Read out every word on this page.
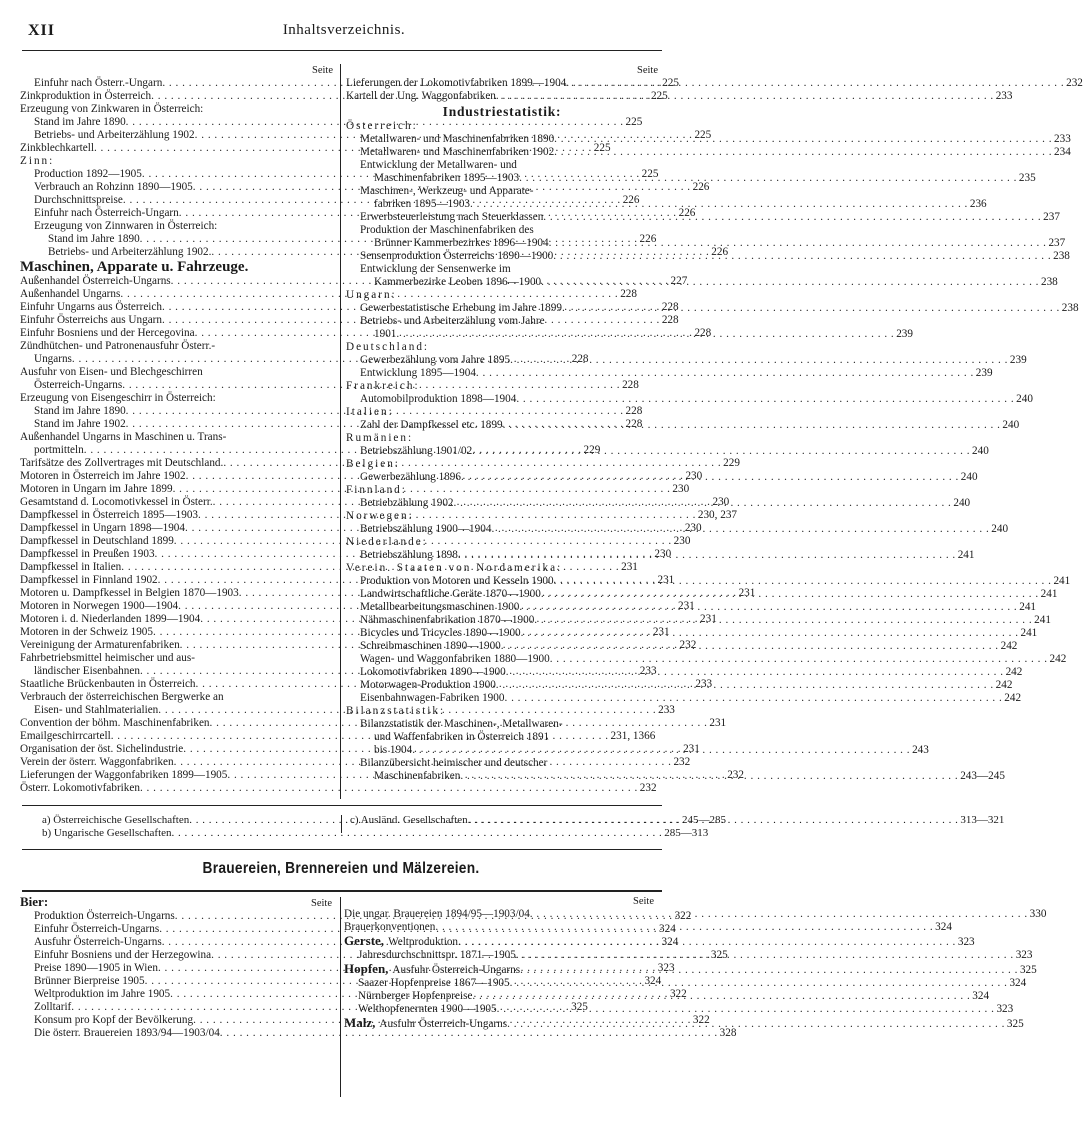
XII	Inhaltsverzeichnis.
Seite
Einfuhr nach Österr.-Ungarn . . .	225
Zinkproduktion in Österreich . . .	225
Erzeugung von Zinkwaren in Österreich:
Stand im Jahre 1890 . . .	225
Betriebs- und Arbeiterzählung 1902 . . .	225
Zinkblechkartell . . .	225
Zinn:
Production 1892—1905 . . .	225
Verbrauch an Rohzinn 1890—1905 . . .	226
Durchschnittspreise . . .	226
Einfuhr nach Österreich-Ungarn . . .	226
Erzeugung von Zinnwaren in Österreich:
Stand im Jahre 1890 . . .	226
Betriebs- und Arbeiterzählung 1902. . . .	226
Maschinen, Apparate u. Fahrzeuge.
Außenhandel Österreich-Ungarns . . .	227
Außenhandel Ungarns . . .	228
Einfuhr Ungarns aus Österreich . . .	228
Einfuhr Österreichs aus Ungarn . . .	228
Einfuhr Bosniens und der Hercegovina . . .	228
Zündhütchen- und Patronenausfuhr Österr.-
Ungarns . . .	228
Ausfuhr von Eisen- und Blechgeschirren
Österreich-Ungarns . . .	228
Erzeugung von Eisengeschirr in Österreich:
Stand im Jahre 1890 . . .	228
Stand im Jahre 1902 . . .	228
Außenhandel Ungarns in Maschinen u. Trans-
portmitteln . . .	229
Tarifsätze des Zollvertrages mit Deutschland. . . .	229
Motoren in Österreich im Jahre 1902 . . .	230
Motoren in Ungarn im Jahre 1899 . . .	230
Gesamtstand d. Locomotivkessel in Österr. . . .	230
Dampfkessel in Österreich 1895—1903 . . .	230, 237
Dampfkessel in Ungarn 1898—1904 . . .	230
Dampfkessel in Deutschland 1899 . . .	230
Dampfkessel in Preußen 1903 . . .	230
Dampfkessel in Italien . . .	231
Dampfkessel in Finnland 1902 . . .	231
Motoren u. Dampfkessel in Belgien 1870—1903 . . .	231
Motoren in Norwegen 1900—1904 . . .	231
Motoren i. d. Niederlanden 1899—1904 . . .	231
Motoren in der Schweiz 1905 . . .	231
Vereinigung der Armaturenfabriken . . .	232
Fahrbetriebsmittel heimischer und aus-
ländischer Eisenbahnen . . .	233
Staatliche Brückenbauten in Österreich . . .	233
Verbrauch der österreichischen Bergwerke an
Eisen- und Stahlmaterialien . . .	233
Convention der böhm. Maschinenfabriken . . .	231
Emailgeschirrcartell . . .	231, 1366
Organisation der öst. Sichelindustrie . . .	231
Verein der österr. Waggonfabriken . . .	232
Lieferungen der Waggonfabriken 1899—1905 . . .	232
Österr. Lokomotivfabriken . . .	232
Seite
Lieferungen der Lokomotivfabriken 1899—1904 . . .	232
Kartell der Ung. Waggonfabriken . . .	233
Industriestatistik:
Österreich:
Metallwaren- und Maschinenfabriken 1890 . . .	233
Metallwaren- und Maschinenfabriken 1902 . . .	234
Entwicklung der Metallwaren- und
Maschinenfabriken 1895—1903 . . .	235
Maschinen-, Werkzeug- und Apparate-
fabriken 1895—1903 . . .	236
Erwerbsteuerleistung nach Steuerklassen . . .	237
Produktion der Maschinenfabriken des
Brünner Kammerbezirkes 1896—1904 . . .	237
Sensenproduktion Österreichs 1890—1900 . . .	238
Entwicklung der Sensenwerke im
Kammerbezirke Leoben 1896—1900 . . .	238
Ungarn:
Gewerbestatistische Erhebung im Jahre 1899 . . .	238
Betriebs- und Arbeiterzählung vom Jahre
1901 . . .	239
Deutschland:
Gewerbezählung vom Jahre 1895 . . .	239
Entwicklung 1895—1904 . . .	239
Frankreich:
Automobilproduktion 1898—1904 . . .	240
Italien:
Zahl der Dampfkessel etc. 1899 . . .	240
Rumänien:
Betriebszählung 1901/02 . . .	240
Belgien:
Gewerbezählung 1896 . . .	240
Finnland:
Betriebzählung 1902 . . .	240
Norwegen:
Betriebszählung 1900—1904 . . .	240
Niederlande:
Betriebszählung 1898 . . .	241
Verein. Staaten von Nordamerika:
Produktion von Motoren und Kesseln 1900 . . .	241
Landwirtschaftliche Geräte 1870—1900 . . .	241
Metallbearbeitungsmaschinen 1900 . . .	241
Nähmaschinenfabrikation 1870—1900 . . .	241
Bicycles und Tricycles 1890—1900 . . .	241
Schreibmaschinen 1890—1900 . . .	242
Wagen- und Waggonfabriken 1880—1900 . . .	242
Lokomotivfabriken 1890—1900 . . .	242
Motorwagen-Produktion 1900 . . .	242
Eisenbahnwagen-Fabriken 1900 . . .	242
Bilanzstatistik:
Bilanzstatistik der Maschinen-, Metallwaren-
und Waffenfabriken in Österreich 1891
bis 1904 . . .	243
Bilanzübersicht heimischer und deutscher
Maschinenfabriken . . .	243—245
a) Österreichische Gesellschaften . . .	245—285
b) Ungarische Gesellschaften . . .	285—313
c) Ausländ. Gesellschaften . . .	313—321
Brauereien, Brennereien und Mälzereien.
Bier:	Seite
Produktion Österreich-Ungarns . . .	322
Einfuhr Österreich-Ungarns . . .	324
Ausfuhr Österreich-Ungarns . . .	324
Einfuhr Bosniens und der Herzegowina . . .	325
Preise 1890—1905 in Wien . . .	323
Brünner Bierpreise 1905 . . .	324
Weltproduktion im Jahre 1905 . . .	322
Zolltarif . . .	325
Konsum pro Kopf der Bevölkerung . . .	322
Die österr. Brauereien 1893/94—1903/04 . . .	328
Seite
Die ungar. Brauereien 1894/95—1903/04 . . .	330
Brauerkonventionen . . .	324
Gerste, Weltproduktion . . .	323
Jahresdurchschnittspr. 1871—1905 . . .	323
Hopfen, Ausfuhr Österreich-Ungarns . . .	325
Saazer Hopfenpreise 1867—1905 . . .	324
Nürnberger Hopfenpreise . . .	324
Welthopfenernten 1900—1905 . . .	323
Malz, Ausfuhr Österreich-Ungarns . . .	325
